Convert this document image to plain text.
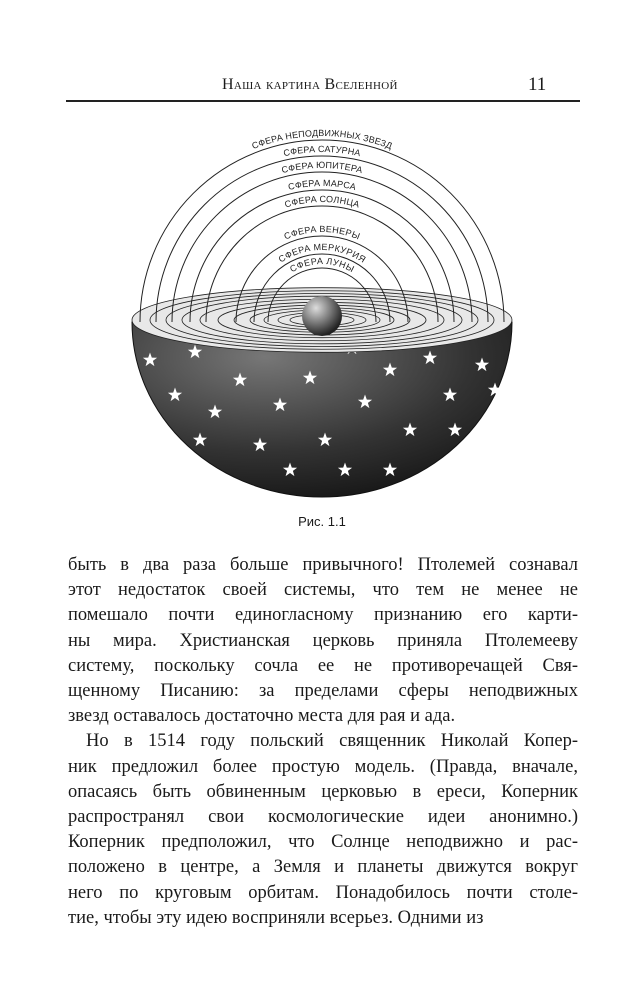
Наша картина Вселенной	11
СФЕРА НЕПОДВИЖНЫХ ЗВЕЗД
СФЕРА САТУРНА
СФЕРА ЮПИТЕРА
СФЕРА МАРСА
СФЕРА СОЛНЦА
СФЕРА ВЕНЕРЫ
СФЕРА МЕРКУРИЯ
СФЕРА ЛУНЫ
Рис. 1.1
быть в два раза больше привычного! Птолемей сознавал
этот недостаток своей системы, что тем не менее не
помешало почти единогласному признанию его карти-
ны мира. Христианская церковь приняла Птолемееву
систему, поскольку сочла ее не противоречащей Свя-
щенному Писанию: за пределами сферы неподвижных
звезд оставалось достаточно места для рая и ада.
Но в 1514 году польский священник Николай Копер-
ник предложил более простую модель. (Правда, вначале,
опасаясь быть обвиненным церковью в ереси, Коперник
распространял свои космологические идеи анонимно.)
Коперник предположил, что Солнце неподвижно и рас-
положено в центре, а Земля и планеты движутся вокруг
него по круговым орбитам. Понадобилось почти столе-
тие, чтобы эту идею восприняли всерьез. Одними из
